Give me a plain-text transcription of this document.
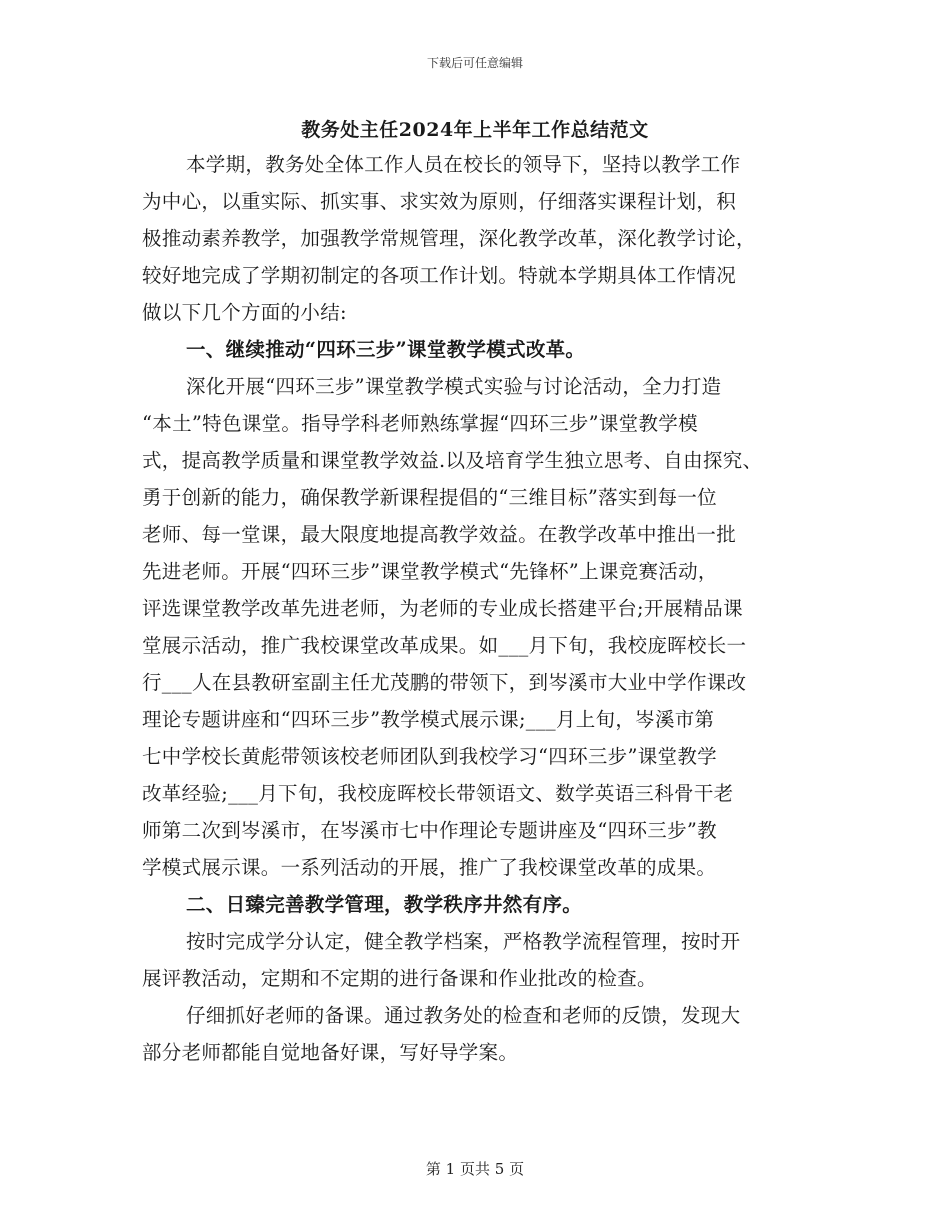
下载后可任意编辑
教务处主任2024年上半年工作总结范文
本学期，教务处全体工作人员在校长的领导下，坚持以教学工作
为中心，以重实际、抓实事、求实效为原则，仔细落实课程计划，积
极推动素养教学，加强教学常规管理，深化教学改革，深化教学讨论，
较好地完成了学期初制定的各项工作计划。特就本学期具体工作情况
做以下几个方面的小结:
一、继续推动“四环三步”课堂教学模式改革。
深化开展“四环三步”课堂教学模式实验与讨论活动，全力打造
“本土”特色课堂。指导学科老师熟练掌握“四环三步”课堂教学模
式，提高教学质量和课堂教学效益.以及培育学生独立思考、自由探究、
勇于创新的能力，确保教学新课程提倡的“三维目标”落实到每一位
老师、每一堂课，最大限度地提高教学效益。在教学改革中推出一批
先进老师。开展“四环三步”课堂教学模式“先锋杯”上课竞赛活动，
评选课堂教学改革先进老师，为老师的专业成长搭建平台;开展精品课
堂展示活动，推广我校课堂改革成果。如___月下旬，我校庞晖校长一
行___人在县教研室副主任尤茂鹏的带领下，到岑溪市大业中学作课改
理论专题讲座和“四环三步”教学模式展示课;___月上旬，岑溪市第
七中学校长黄彪带领该校老师团队到我校学习“四环三步”课堂教学
改革经验;___月下旬，我校庞晖校长带领语文、数学英语三科骨干老
师第二次到岑溪市，在岑溪市七中作理论专题讲座及“四环三步”教
学模式展示课。一系列活动的开展，推广了我校课堂改革的成果。
二、日臻完善教学管理，教学秩序井然有序。
按时完成学分认定，健全教学档案，严格教学流程管理，按时开
展评教活动，定期和不定期的进行备课和作业批改的检查。
仔细抓好老师的备课。通过教务处的检查和老师的反馈，发现大
部分老师都能自觉地备好课，写好导学案。
第 1 页共 5 页
